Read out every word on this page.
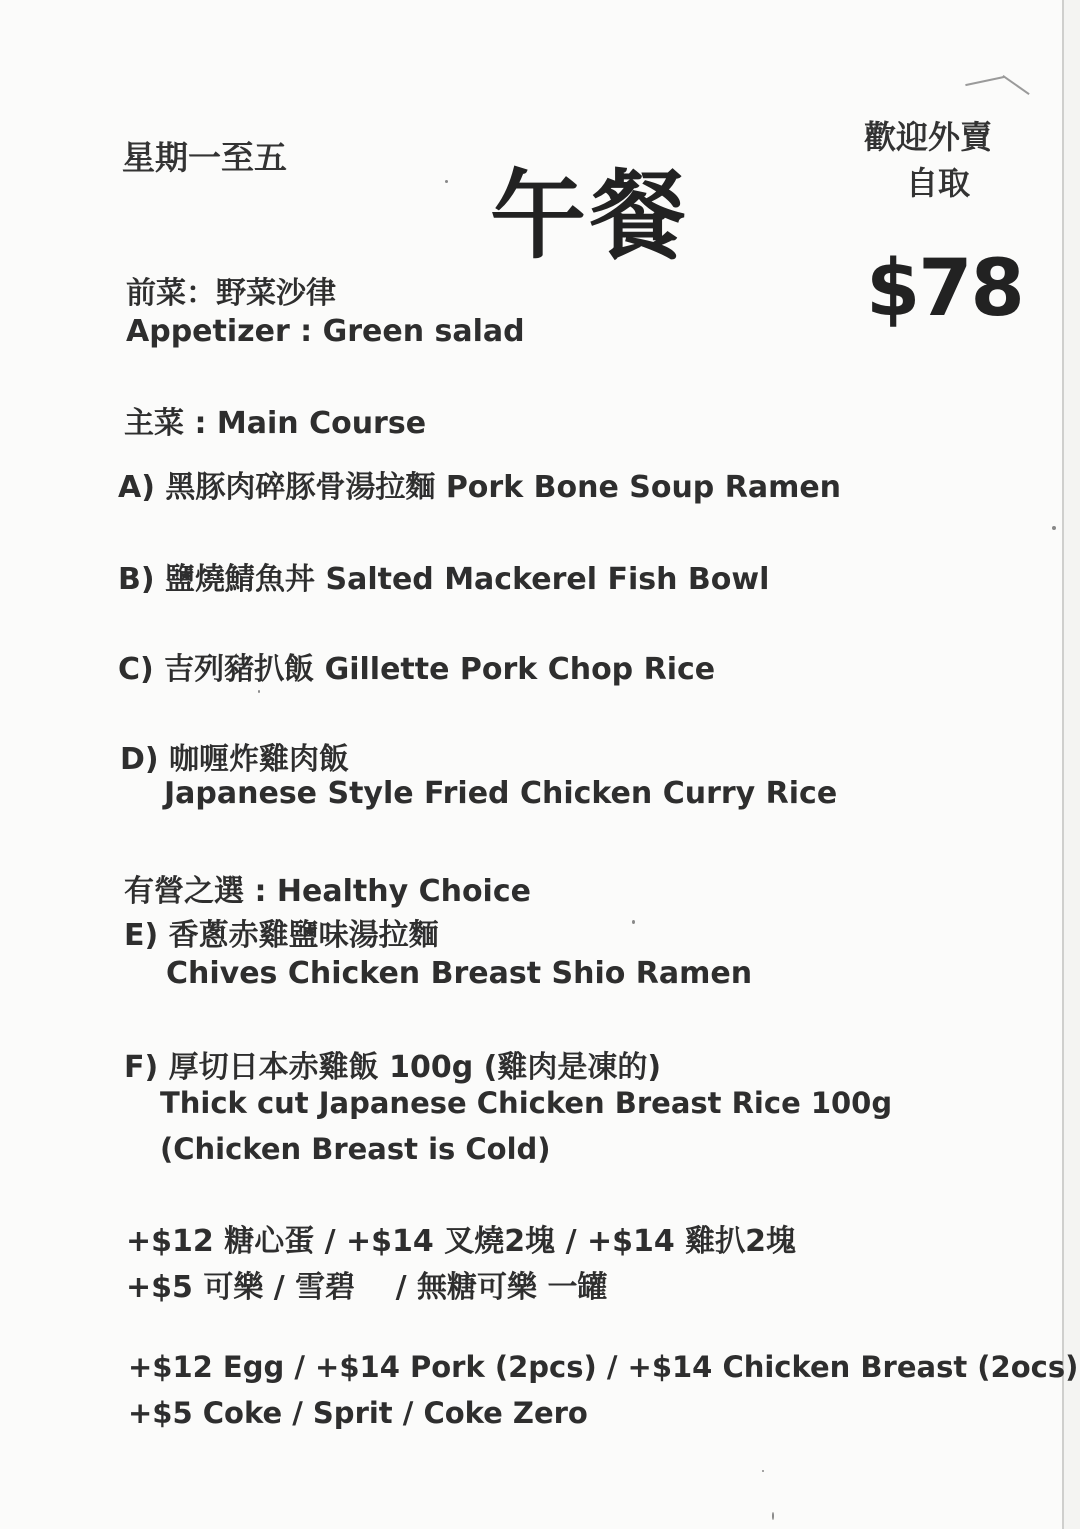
星期一至五
午餐
歡迎外賣
自取
$78
前菜：野菜沙律
Appetizer : Green salad
主菜 : Main Course
A) 黑豚肉碎豚骨湯拉麵 Pork Bone Soup Ramen
B) 鹽燒鯖魚丼 Salted Mackerel Fish Bowl
C) 吉列豬扒飯 Gillette Pork Chop Rice
D) 咖喱炸雞肉飯
Japanese Style Fried Chicken Curry Rice
有營之選 : Healthy Choice
E) 香蔥赤雞鹽味湯拉麵
Chives Chicken Breast Shio Ramen
F) 厚切日本赤雞飯 100g (雞肉是凍的)
Thick cut Japanese Chicken Breast Rice 100g
(Chicken Breast is Cold)
+$12 糖心蛋 / +$14 叉燒2塊 / +$14 雞扒2塊
+$5 可樂 / 雪碧 　/ 無糖可樂 一罐
+$12 Egg / +$14 Pork (2pcs) / +$14 Chicken Breast (2ocs)
+$5 Coke / Sprit / Coke Zero
